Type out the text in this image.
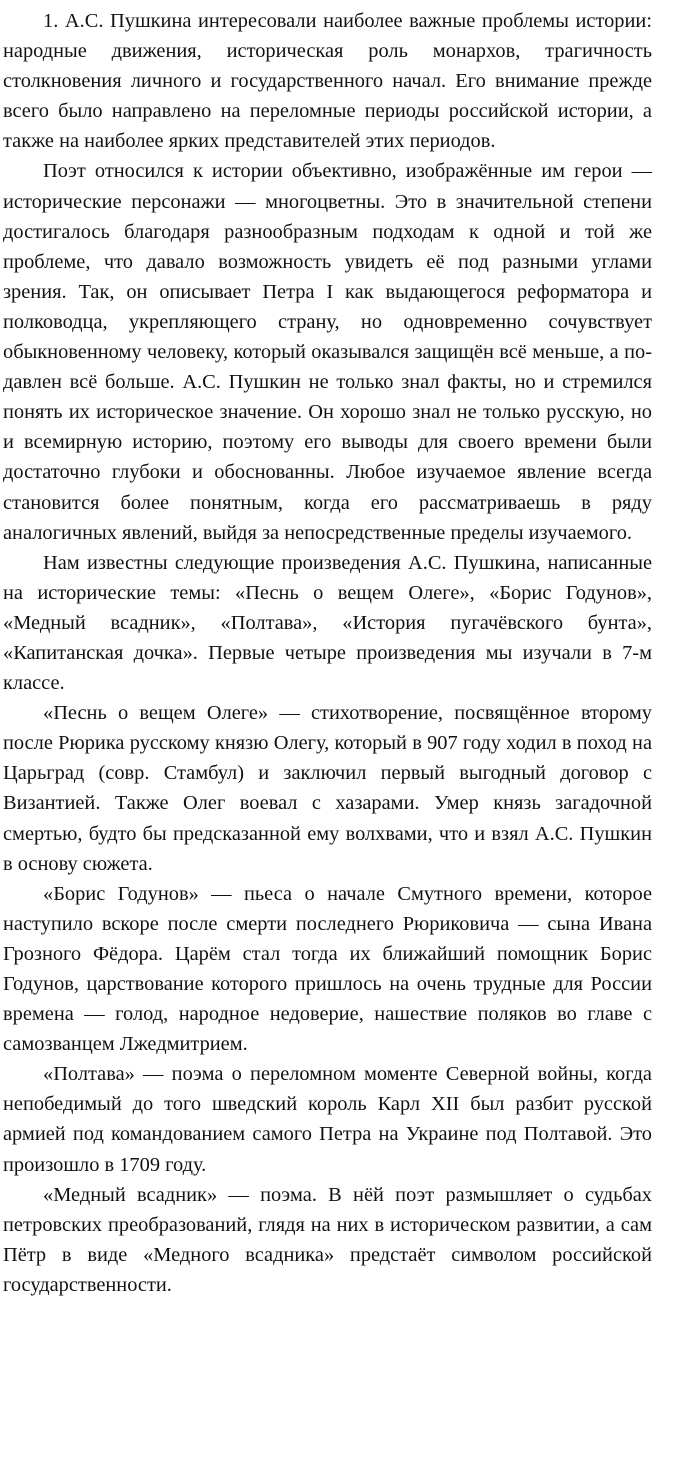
1. А.С. Пушкина интересовали наиболее важные проблемы истории: народные движения, историческая роль монархов, трагичность столкновения личного и государственного начал. Его внимание прежде всего было направлено на переломные периоды российской истории, а также на наиболее ярких представителей этих периодов.

Поэт относился к истории объективно, изображённые им герои — исторические персонажи — многоцветны. Это в значительной степени достигалось благодаря разнообразным подходам к одной и той же проблеме, что давало возможность увидеть её под разными углами зрения. Так, он описывает Петра I как выдающегося реформатора и полководца, укрепляющего страну, но одновременно сочувствует обыкновенному человеку, который оказывался защищён всё меньше, а подавлен всё больше. А.С. Пушкин не только знал факты, но и стремился понять их историческое значение. Он хорошо знал не только русскую, но и всемирную историю, поэтому его выводы для своего времени были достаточно глубоки и обоснованны. Любое изучаемое явление всегда становится более понятным, когда его рассматриваешь в ряду аналогичных явлений, выйдя за непосредственные пределы изучаемого.

Нам известны следующие произведения А.С. Пушкина, написанные на исторические темы: «Песнь о вещем Олеге», «Борис Годунов», «Медный всадник», «Полтава», «История пугачёвского бунта», «Капитанская дочка». Первые четыре произведения мы изучали в 7-м классе.

«Песнь о вещем Олеге» — стихотворение, посвящённое второму после Рюрика русскому князю Олегу, который в 907 году ходил в поход на Царьград (совр. Стамбул) и заключил первый выгодный договор с Византией. Также Олег воевал с хазарами. Умер князь загадочной смертью, будто бы предсказанной ему волхвами, что и взял А.С. Пушкин в основу сюжета.

«Борис Годунов» — пьеса о начале Смутного времени, которое наступило вскоре после смерти последнего Рюриковича — сына Ивана Грозного Фёдора. Царём стал тогда их ближайший помощник Борис Годунов, царствование которого пришлось на очень трудные для России времена — голод, народное недоверие, нашествие поляков во главе с самозванцем Лжедмитрием.

«Полтава» — поэма о переломном моменте Северной войны, когда непобедимый до того шведский король Карл XII был разбит русской армией под командованием самого Петра на Украине под Полтавой. Это произошло в 1709 году.

«Медный всадник» — поэма. В нёй поэт размышляет о судьбах петровских преобразований, глядя на них в историческом развитии, а сам Пётр в виде «Медного всадника» предстаёт символом российской государственности.
